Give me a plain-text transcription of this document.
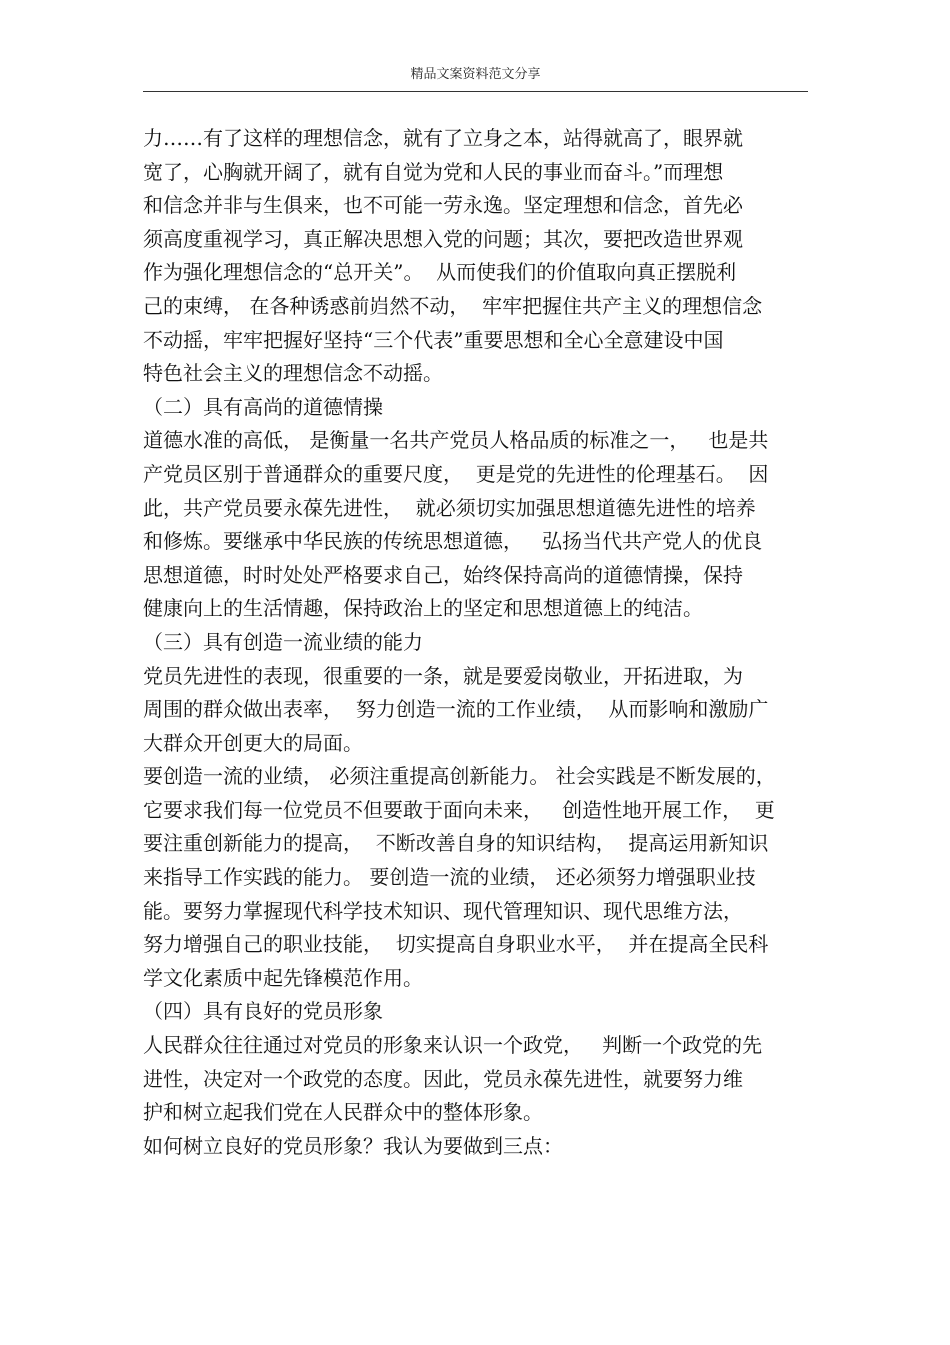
精品文案资料范文分享
力……有了这样的理想信念，就有了立身之本，站得就高了，眼界就
宽了，心胸就开阔了，就有自觉为党和人民的事业而奋斗。”而理想
和信念并非与生俱来，也不可能一劳永逸。坚定理想和信念，首先必
须高度重视学习，真正解决思想入党的问题；其次，要把改造世界观
作为强化理想信念的“总开关”。  从而使我们的价值取向真正摆脱利
己的束缚， 在各种诱惑前岿然不动，  牢牢把握住共产主义的理想信念
不动摇，牢牢把握好坚持“三个代表”重要思想和全心全意建设中国
特色社会主义的理想信念不动摇。
（二）具有高尚的道德情操
道德水准的高低， 是衡量一名共产党员人格品质的标准之一，   也是共
产党员区别于普通群众的重要尺度，  更是党的先进性的伦理基石。  因
此，共产党员要永葆先进性，  就必须切实加强思想道德先进性的培养
和修炼。要继承中华民族的传统思想道德，   弘扬当代共产党人的优良
思想道德，时时处处严格要求自己，始终保持高尚的道德情操，保持
健康向上的生活情趣，保持政治上的坚定和思想道德上的纯洁。
（三）具有创造一流业绩的能力
党员先进性的表现，很重要的一条，就是要爱岗敬业，开拓进取，为
周围的群众做出表率，  努力创造一流的工作业绩，  从而影响和激励广
大群众开创更大的局面。
要创造一流的业绩， 必须注重提高创新能力。 社会实践是不断发展的，
它要求我们每一位党员不但要敢于面向未来，   创造性地开展工作，  更
要注重创新能力的提高，  不断改善自身的知识结构，  提高运用新知识
来指导工作实践的能力。 要创造一流的业绩， 还必须努力增强职业技
能。要努力掌握现代科学技术知识、现代管理知识、现代思维方法，
努力增强自己的职业技能，  切实提高自身职业水平，  并在提高全民科
学文化素质中起先锋模范作用。
（四）具有良好的党员形象
人民群众往往通过对党员的形象来认识一个政党，   判断一个政党的先
进性，决定对一个政党的态度。因此，党员永葆先进性，就要努力维
护和树立起我们党在人民群众中的整体形象。
如何树立良好的党员形象？我认为要做到三点：
